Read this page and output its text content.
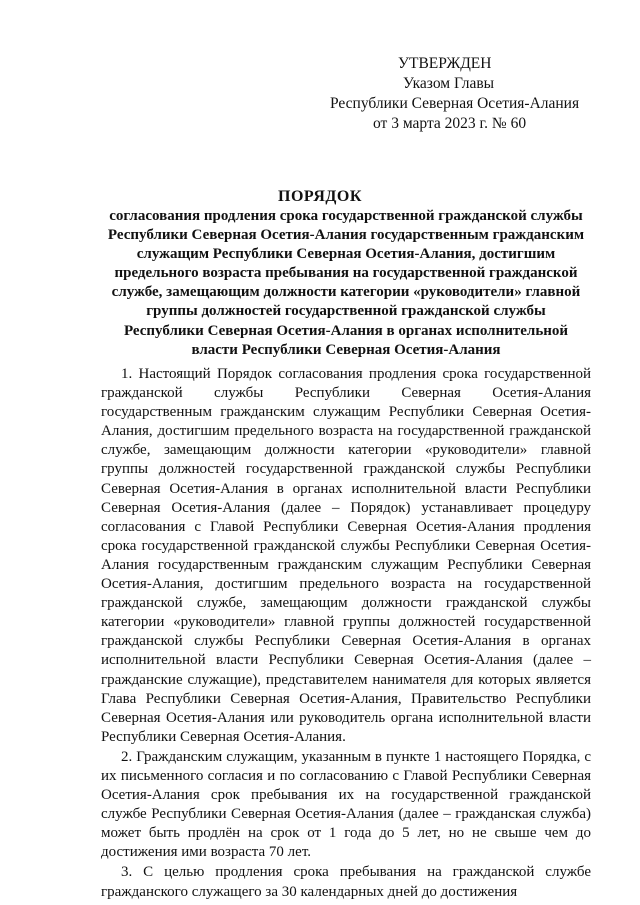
УТВЕРЖДЕН
Указом Главы
Республики Северная Осетия-Алания
от 3 марта 2023 г. № 60
ПОРЯДОК
согласования продления срока государственной гражданской службы
Республики Северная Осетия-Алания государственным гражданским
служащим Республики Северная Осетия-Алания, достигшим
предельного возраста пребывания на государственной гражданской
службе, замещающим должности категории «руководители» главной
группы должностей государственной гражданской службы
Республики Северная Осетия-Алания в органах исполнительной
власти Республики Северная Осетия-Алания

1. Настоящий Порядок согласования продления срока государственной гражданской службы Республики Северная Осетия-Алания государственным гражданским служащим Республики Северная Осетия-Алания, достигшим предельного возраста на государственной гражданской службе, замещающим должности категории «руководители» главной группы должностей государственной гражданской службы Республики Северная Осетия-Алания в органах исполнительной власти Республики Северная Осетия-Алания (далее – Порядок) устанавливает процедуру согласования с Главой Республики Северная Осетия-Алания продления срока государственной гражданской службы Республики Северная Осетия-Алания государственным гражданским служащим Республики Северная Осетия-Алания, достигшим предельного возраста на государственной гражданской службе, замещающим должности гражданской службы категории «руководители» главной группы должностей государственной гражданской службы Республики Северная Осетия-Алания в органах исполнительной власти Республики Северная Осетия-Алания (далее – гражданские служащие), представителем нанимателя для которых является Глава Республики Северная Осетия-Алания, Правительство Республики Северная Осетия-Алания или руководитель органа исполнительной власти Республики Северная Осетия-Алания.

2. Гражданским служащим, указанным в пункте 1 настоящего Порядка, с их письменного согласия и по согласованию с Главой Республики Северная Осетия-Алания срок пребывания их на государственной гражданской службе Республики Северная Осетия-Алания (далее – гражданская служба) может быть продлён на срок от 1 года до 5 лет, но не свыше чем до достижения ими возраста 70 лет.

3. С целью продления срока пребывания на гражданской службе гражданского служащего за 30 календарных дней до достижения
